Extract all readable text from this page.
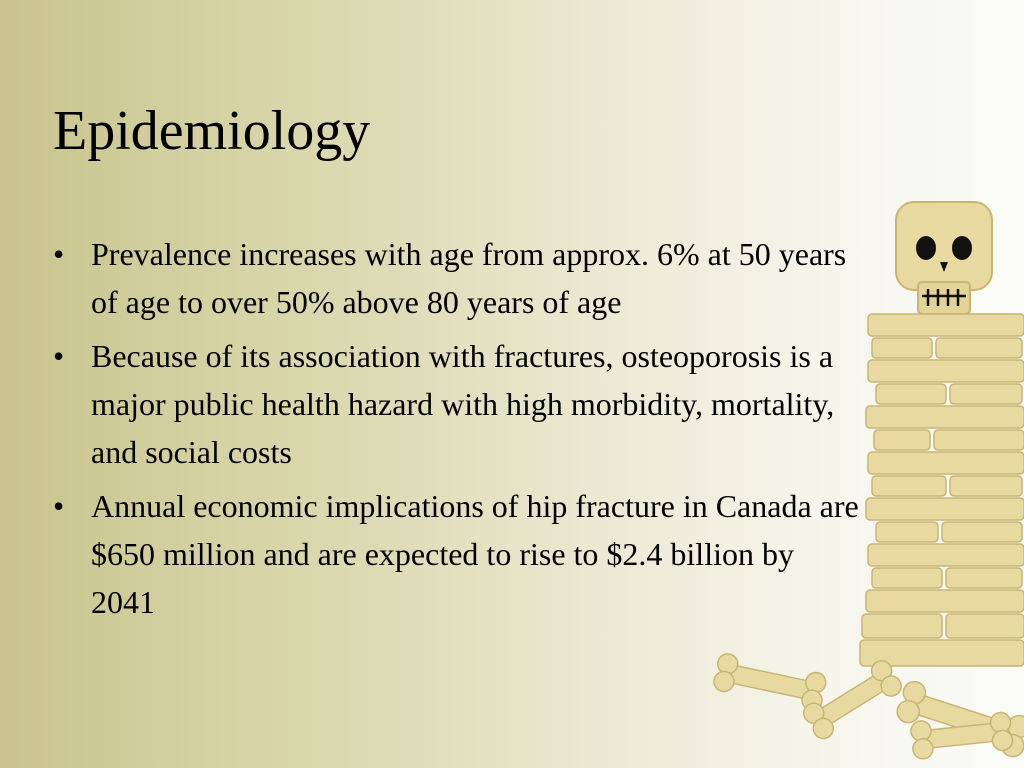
Epidemiology
• Prevalence increases with age from approx. 6% at 50 years of age to over 50% above 80 years of age
• Because of its association with fractures, osteoporosis is a major public health hazard with high morbidity, mortality, and social costs
• Annual economic implications of hip fracture in Canada are $650 million and are expected to rise to $2.4 billion by 2041
